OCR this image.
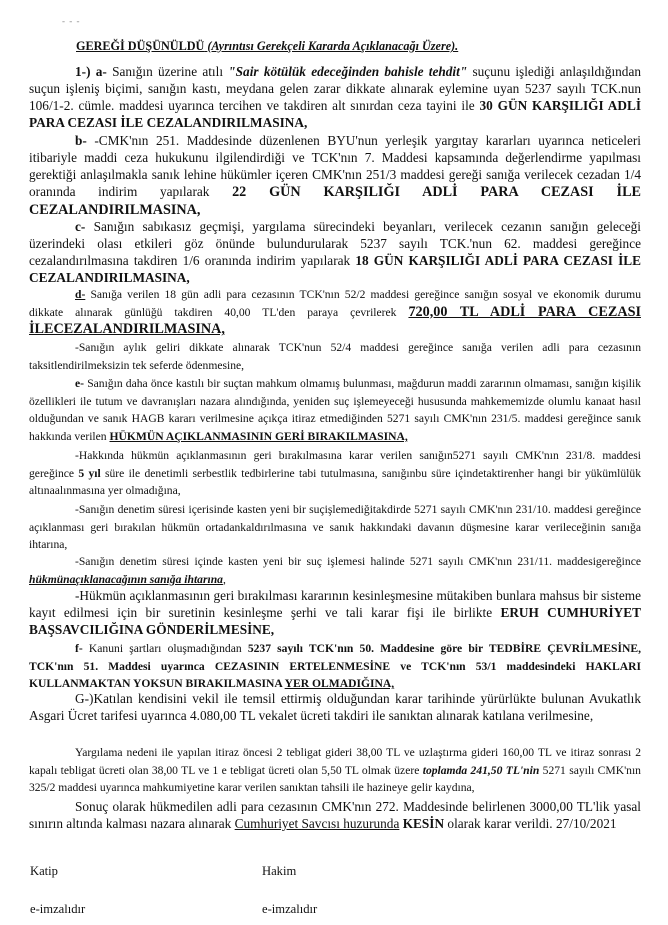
- - -
GEREĞİ DÜŞÜNÜLDÜ (Ayrıntısı Gerekçeli Kararda Açıklanacağı Üzere).
1-) a- Sanığın üzerine atılı "Sair kötülük edeceğinden bahisle tehdit" suçunu işlediği anlaşıldığından suçun işleniş biçimi, sanığın kastı, meydana gelen zarar dikkate alınarak eylemine uyan 5237 sayılı TCK.nun 106/1-2. cümle. maddesi uyarınca tercihen ve takdiren alt sınırdan ceza tayini ile 30 GÜN KARŞILIĞI ADLİ PARA CEZASI İLE CEZALANDIRILMASINA,
b- -CMK'nın 251. Maddesinde düzenlenen BYU'nun yerleşik yargıtay kararları uyarınca neticeleri itibariyle maddi ceza hukukunu ilgilendirdiği ve TCK'nın 7. Maddesi kapsamında değerlendirme yapılması gerektiği anlaşılmakla sanık lehine hükümler içeren CMK'nın 251/3 maddesi gereği sanığa verilecek cezadan 1/4 oranında indirim yapılarak 22 GÜN KARŞILIĞI ADLİ PARA CEZASI İLE CEZALANDIRILMASINA,
c- Sanığın sabıkasız geçmişi, yargılama sürecindeki beyanları, verilecek cezanın sanığın geleceği üzerindeki olası etkileri göz önünde bulundurularak 5237 sayılı TCK.'nun 62. maddesi gereğince cezalandırılmasına takdiren 1/6 oranında indirim yapılarak 18 GÜN KARŞILIĞI ADLİ PARA CEZASI İLE CEZALANDIRILMASINA,
d- Sanığa verilen 18 gün adli para cezasının TCK'nın 52/2 maddesi gereğince sanığın sosyal ve ekonomik durumu dikkate alınarak günlüğü takdiren 40,00 TL'den paraya çevrilerek 720,00 TL ADLİ PARA CEZASI İLECEZALANDIRILMASINA,
-Sanığın aylık geliri dikkate alınarak TCK'nun 52/4 maddesi gereğince sanığa verilen adli para cezasının taksitlendirilmeksizin tek seferde ödenmesine,
e- Sanığın daha önce kastılı bir suçtan mahkum olmamış bulunması, mağdurun maddi zararının olmaması, sanığın kişilik özellikleri ile tutum ve davranışları nazara alındığında, yeniden suç işlemeyeceği hususunda mahkememizde olumlu kanaat hasıl olduğundan ve sanık HAGB kararı verilmesine açıkça itiraz etmediğinden 5271 sayılı CMK'nın 231/5. maddesi gereğince sanık hakkında verilen HÜKMÜN AÇIKLANMASININ GERİ BIRAKILMASINA,
-Hakkında hükmün açıklanmasının geri bırakılmasına karar verilen sanığın5271 sayılı CMK'nın 231/8. maddesi gereğince 5 yıl süre ile denetimli serbestlik tedbirlerine tabi tutulmasına, sanığınbu süre içindetaktirenher hangi bir yükümlülük altınaalınmasına yer olmadığına,
-Sanığın denetim süresi içerisinde kasten yeni bir suçişlemediğitakdirde 5271 sayılı CMK'nın 231/10. maddesi gereğince açıklanması geri bırakılan hükmün ortadankaldırılmasına ve sanık hakkındaki davanın düşmesine karar verileceğinin sanığa ihtarına,
-Sanığın denetim süresi içinde kasten yeni bir suç işlemesi halinde 5271 sayılı CMK'nın 231/11. maddesigereğince hükmünaçıklanacağının sanığa ihtarına,
-Hükmün açıklanmasının geri bırakılması kararının kesinleşmesine mütakiben bunlara mahsus bir sisteme kayıt edilmesi için bir suretinin kesinleşme şerhi ve tali karar fişi ile birlikte ERUH CUMHURİYET BAŞSAVCILIĞINA GÖNDERİLMESİNE,
f- Kanuni şartları oluşmadığından 5237 sayılı TCK'nın 50. Maddesine göre bir TEDBİRE ÇEVRİLMESİNE, TCK'nın 51. Maddesi uyarınca CEZASININ ERTELENMESİNE ve TCK'nın 53/1 maddesindeki HAKLARI KULLANMAKTAN YOKSUN BIRAKILMASINA YER OLMADIĞINA,
G-)Katılan kendisini vekil ile temsil ettirmiş olduğundan karar tarihinde yürürlükte bulunan Avukatlık Asgari Ücret tarifesi uyarınca 4.080,00 TL vekalet ücreti takdiri ile sanıktan alınarak katılana verilmesine,
Yargılama nedeni ile yapılan itiraz öncesi 2 tebligat gideri 38,00 TL ve uzlaştırma gideri 160,00 TL ve itiraz sonrası 2 kapalı tebligat ücreti olan 38,00 TL ve 1 e tebligat ücreti olan 5,50 TL olmak üzere toplamda 241,50 TL'nin 5271 sayılı CMK'nın 325/2 maddesi uyarınca mahkumiyetine karar verilen sanıktan tahsili ile hazineye gelir kaydına,
Sonuç olarak hükmedilen adli para cezasının CMK'nın 272. Maddesinde belirlenen 3000,00 TL'lik yasal sınırın altında kalması nazara alınarak Cumhuriyet Savcısı huzurunda KESİN olarak karar verildi. 27/10/2021
Katip	Hakim
e-imzalıdır	e-imzalıdır
